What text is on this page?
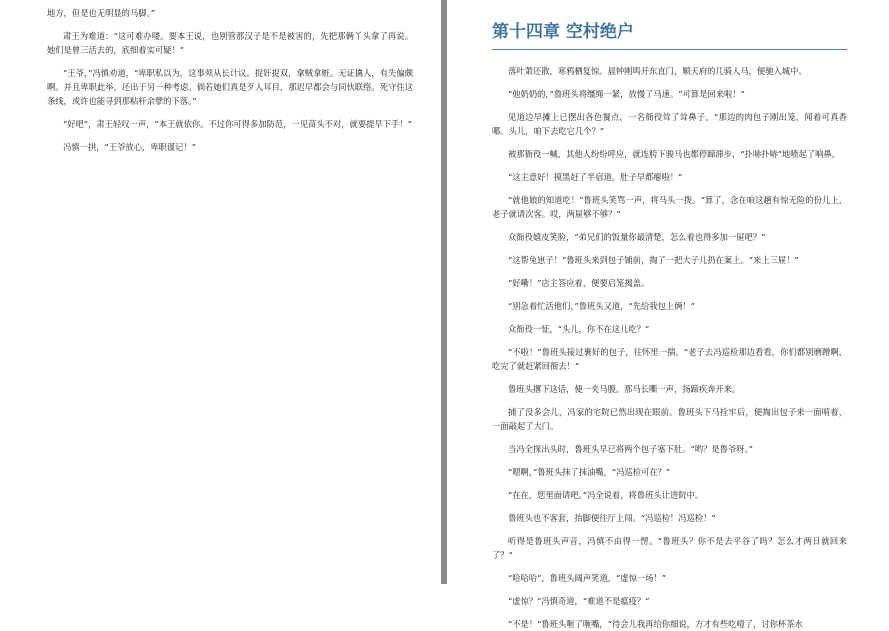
地方，但是也无明显的马脚。”

肃王为难道：“这可难办喽。要本王说，也别管那汉子是不是被害的，先把那俩丫头拿了再说。她们是曾三活去的，底细着实可疑！”

“王爷，”冯慎劝道，“卑职私以为，这事须从长计议。捉奸捉双，拿贼拿赃。无证擒人，有失偏颇啊。并且卑职此举，还出于另一种考虑。倘若她们真是歹人耳目，那迟早都会与同伙联络。死守住这条线，或许也能寻到那粘杆余孽的下落。”

“好吧”，肃王轻叹一声，“本王就依你。不过你可得多加防范，一见苗头不对，就要提早下手！”

冯慎一拱，“王爷放心，卑职谨记！”

第十四章 空村绝户

落叶萧还散，寒鸦栖复惊。晨钟刚鸣开东直门，顺天府的几骑人马，便驰入城中。

“他奶奶的，”鲁班头将缰绳一紧，放慢了马速。“可算是回来啦！”

见道边早摊上已摆出各色餐点，一名衙役耸了耸鼻子。“那边的肉包子刚出笼，闻着可真香哪。头儿，咱下去吃它几个？”

被那衙役一喊，其他人纷纷呼应，就连胯下骏马也都停蹄滞步，“扑哧扑哧”地喷起了响鼻。

“这主意好！摸黑赶了半宿道，肚子早都瘪啦！”

“就他娘的知道吃！”鲁班头笑骂一声，将马头一拨。“算了，念在咱这趟有惊无险的份儿上，老子就请次客。哎，两屉够不够？”

众衙役嬉皮笑脸，“弟兄们的饭量你最清楚，怎么着也得多加一屉吧？”

“这帮兔崽子！”鲁班头来到包子铺前，掏了一把大子儿扔在案上。“来上三屉！”

“好嘞！”店主答应着，便要启笼揭盖。

“别急着忙活他们，”鲁班头又道，“先给我包上俩！”

众衙役一怔，“头儿，你不在这儿吃？”

“不啦！”鲁班头接过裹好的包子，往怀里一揣。“老子去冯巡检那边看看，你们都别磨蹭啊，吃完了就赶紧回衙去！”

鲁班头撂下这话，便一夹马腹。那马长嘶一声，扬蹄疾奔开来。

捕了没多会儿，冯家的宅院已然出现在眼前。鲁班头下马拴牢后，便掏出包子来一面啃着，一面敲起了大门。

当冯全探出头时，鲁班头早已将两个包子塞下肚。“哟？是鲁爷呀。”

“嗯啊，”鲁班头抹了抹油嘴，“冯巡检可在？”

“在在，您里面请吧。”冯全说着，将鲁班头让进院中。

鲁班头也不客套，抬脚便往厅上闯。“冯巡检！冯巡检！”

听得是鲁班头声音，冯慎不由得一愣。“鲁班头？你不是去平谷了吗？怎么才两日就回来了？”

“哈哈哈”，鲁班头阔声笑道，“虚惊一场！”

“虚惊？”冯慎奇道，“难道不是瘟疫？”

“不是！”鲁班头咂了咂嘴，“待会儿我再给你细说，方才有些吃噎了，讨你杯茶水
